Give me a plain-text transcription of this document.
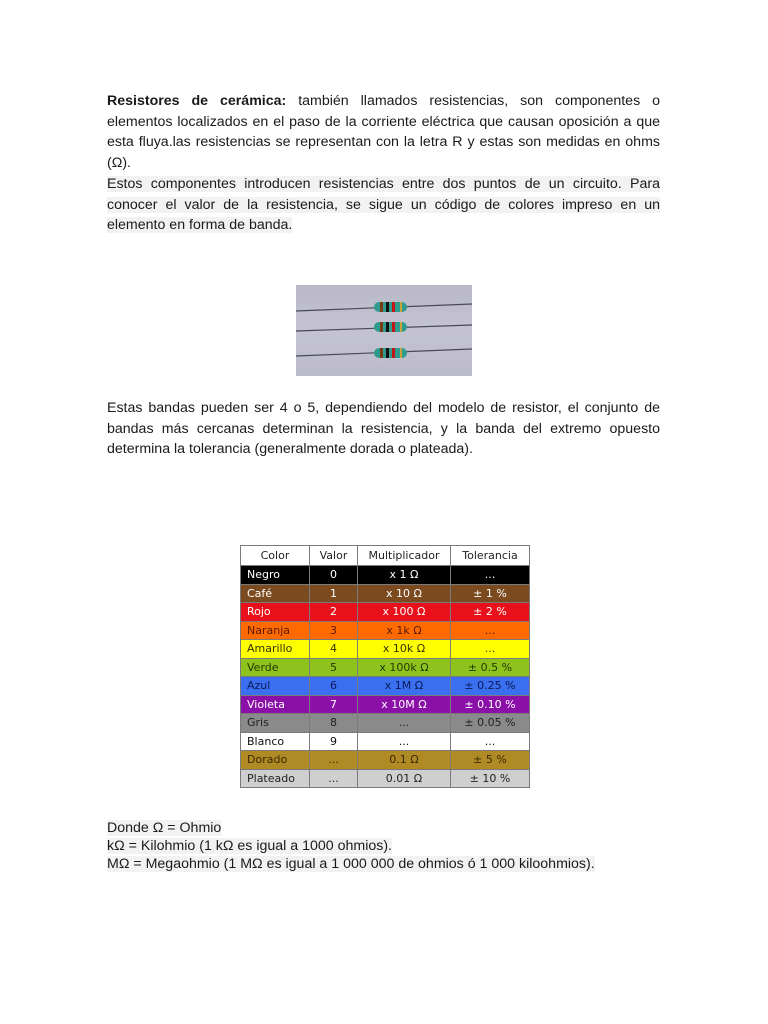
Resistores de cerámica: también llamados resistencias, son componentes o elementos localizados en el paso de la corriente eléctrica que causan oposición a que esta fluya.las resistencias se representan con la letra R y estas son medidas en ohms (Ω).
Estos componentes introducen resistencias entre dos puntos de un circuito. Para conocer el valor de la resistencia, se sigue un código de colores impreso en un elemento en forma de banda.
Estas bandas pueden ser 4 o 5, dependiendo del modelo de resistor, el conjunto de bandas más cercanas determinan la resistencia, y la banda del extremo opuesto determina la tolerancia (generalmente dorada o plateada).
Color	Valor	Multiplicador	Tolerancia
Negro	0	x 1 Ω	...
Café	1	x 10 Ω	± 1 %
Rojo	2	x 100 Ω	± 2 %
Naranja	3	x 1k Ω	...
Amarillo	4	x 10k Ω	...
Verde	5	x 100k Ω	± 0.5 %
Azul	6	x 1M Ω	± 0.25 %
Violeta	7	x 10M Ω	± 0.10 %
Gris	8	...	± 0.05 %
Blanco	9	...	...
Dorado	...	0.1 Ω	± 5 %
Plateado	...	0.01 Ω	± 10 %
Donde Ω = Ohmio
kΩ = Kilohmio (1 kΩ es igual a 1000 ohmios).
MΩ = Megaohmio (1 MΩ es igual a 1 000 000 de ohmios ó 1 000 kiloohmios).
